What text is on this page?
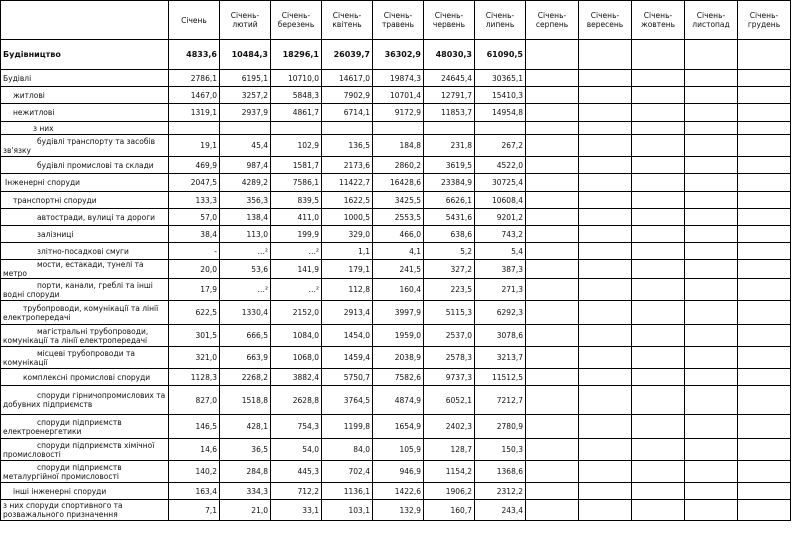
	Січень	Січень-лютий	Січень-березень	Січень-квітень	Січень-травень	Січень-червень	Січень-липень	Січень-серпень	Січень-вересень	Січень-жовтень	Січень-листопад	Січень-грудень

Будівництво	4833,6	10484,3	18296,1	26039,7	36302,9	48030,3	61090,5					

Будівлі	2786,1	6195,1	10710,0	14617,0	19874,3	24645,4	30365,1					

житлові	1467,0	3257,2	5848,3	7902,9	10701,4	12791,7	15410,3					

нежитлові	1319,1	2937,9	4861,7	6714,1	9172,9	11853,7	14954,8					

з них												

будівлі транспорту та засобів зв'язку	19,1	45,4	102,9	136,5	184,8	231,8	267,2					

будівлі промислові та склади	469,9	987,4	1581,7	2173,6	2860,2	3619,5	4522,0					

Інженерні споруди	2047,5	4289,2	7586,1	11422,7	16428,6	23384,9	30725,4					

транспортні споруди	133,3	356,3	839,5	1622,5	3425,5	6626,1	10608,4					

автостради, вулиці та дороги	57,0	138,4	411,0	1000,5	2553,5	5431,6	9201,2					

залізниці	38,4	113,0	199,9	329,0	466,0	638,6	743,2					

злітно-посадкові смуги	-	…²	…²	1,1	4,1	5,2	5,4					

мости, естакади, тунелі та метро	20,0	53,6	141,9	179,1	241,5	327,2	387,3					

порти, канали, греблі та інші водні споруди	17,9	…²	…²	112,8	160,4	223,5	271,3					

трубопроводи, комунікації та лінії електропередачі	622,5	1330,4	2152,0	2913,4	3997,9	5115,3	6292,3					

магістральні трубопроводи, комунікації та лінії електропередачі	301,5	666,5	1084,0	1454,0	1959,0	2537,0	3078,6					

місцеві трубопроводи та комунікації	321,0	663,9	1068,0	1459,4	2038,9	2578,3	3213,7					

комплексні промислові споруди	1128,3	2268,2	3882,4	5750,7	7582,6	9737,3	11512,5					

споруди гірничопромислових та добувних підприємств	827,0	1518,8	2628,8	3764,5	4874,9	6052,1	7212,7					

споруди підприємств електроенергетики	146,5	428,1	754,3	1199,8	1654,9	2402,3	2780,9					

споруди підприємств хімічної промисловості	14,6	36,5	54,0	84,0	105,9	128,7	150,3					

споруди підприємств металургійної промисловості	140,2	284,8	445,3	702,4	946,9	1154,2	1368,6					

інші інженерні споруди	163,4	334,3	712,2	1136,1	1422,6	1906,2	2312,2					

з них споруди спортивного та розважального призначення	7,1	21,0	33,1	103,1	132,9	160,7	243,4					
